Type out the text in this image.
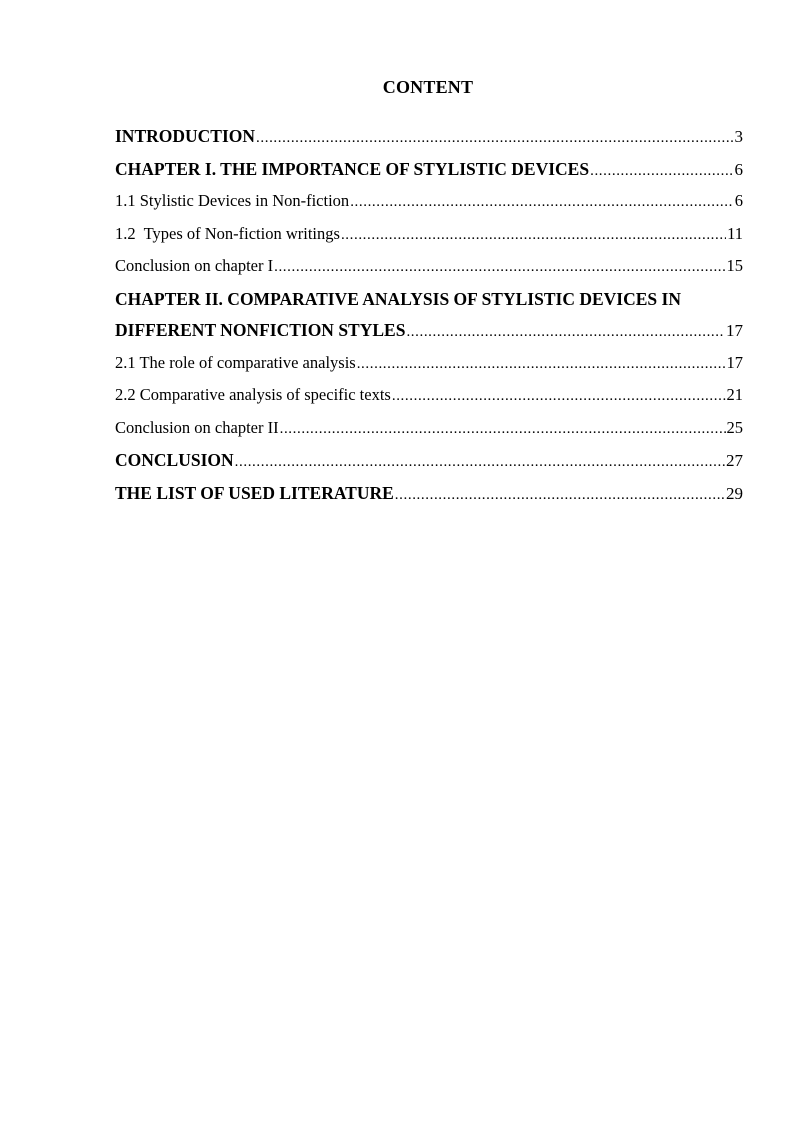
CONTENT
INTRODUCTION .....	3
CHAPTER I. THE IMPORTANCE OF STYLISTIC DEVICES .....	6
1.1 Stylistic Devices in Non-fiction .....	6
1.2  Types of Non-fiction writings .....	11
Conclusion on chapter I .....	15
CHAPTER II. COMPARATIVE ANALYSIS OF STYLISTIC DEVICES IN
DIFFERENT NONFICTION STYLES .....	17
2.1 The role of comparative analysis .....	17
2.2 Comparative analysis of specific texts .....	21
Conclusion on chapter II .....	25
CONCLUSION .....	27
THE LIST OF USED LITERATURE .....	29
